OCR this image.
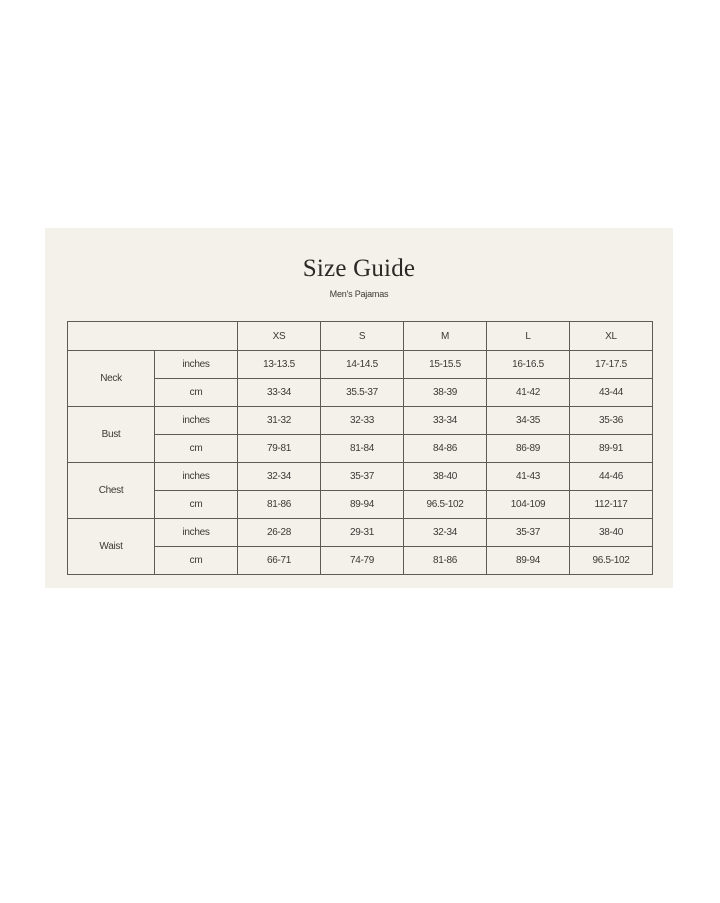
Size Guide
Men's Pajamas
		XS	S	M	L	XL
Neck	inches	13-13.5	14-14.5	15-15.5	16-16.5	17-17.5
	cm	33-34	35.5-37	38-39	41-42	43-44
Bust	inches	31-32	32-33	33-34	34-35	35-36
	cm	79-81	81-84	84-86	86-89	89-91
Chest	inches	32-34	35-37	38-40	41-43	44-46
	cm	81-86	89-94	96.5-102	104-109	112-117
Waist	inches	26-28	29-31	32-34	35-37	38-40
	cm	66-71	74-79	81-86	89-94	96.5-102
